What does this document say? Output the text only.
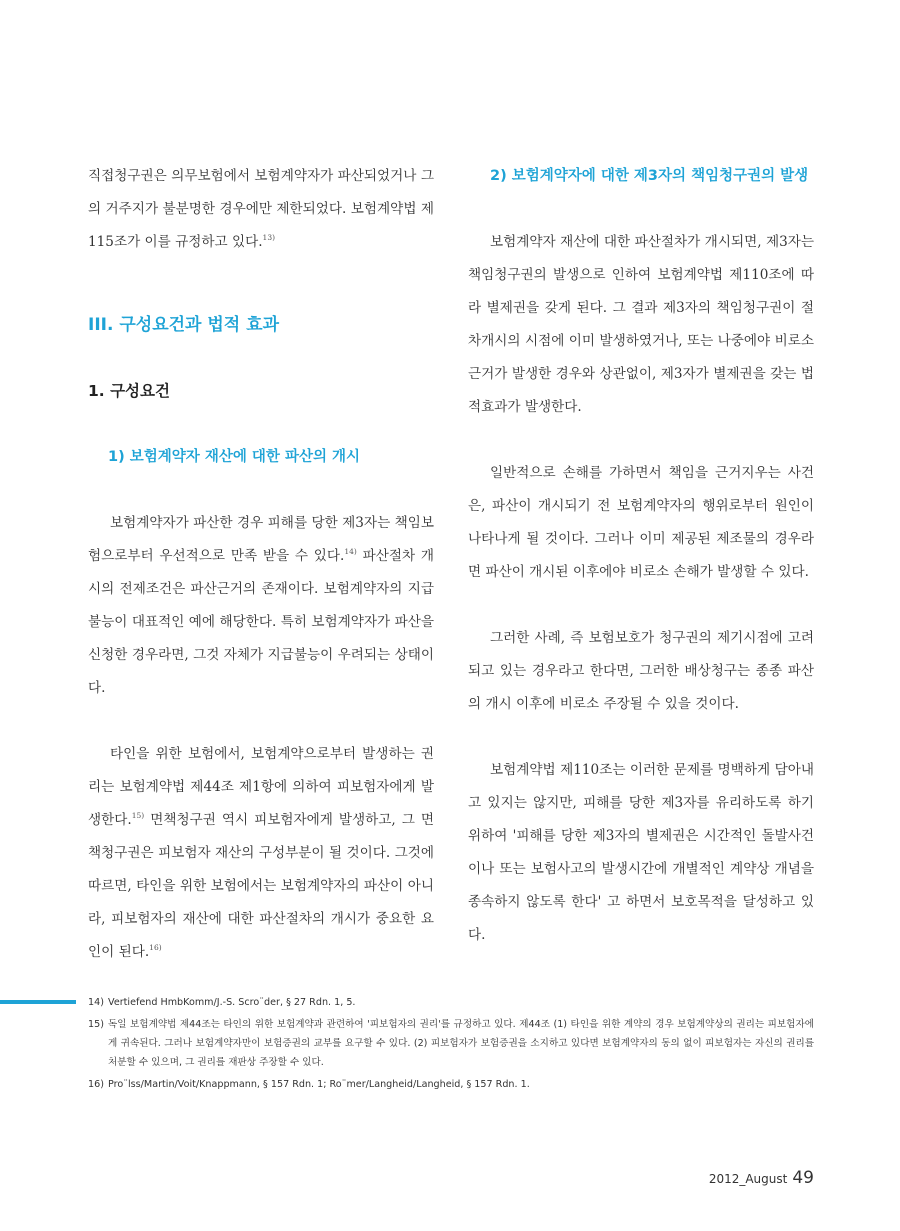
직접청구권은 의무보험에서 보험계약자가 파산되었거나 그의 거주지가 불분명한 경우에만 제한되었다. 보험계약법 제115조가 이를 규정하고 있다.$^{13)}$

III. 구성요건과 법적 효과
1. 구성요건
1) 보험계약자 재산에 대한 파산의 개시

보험계약자가 파산한 경우 피해를 당한 제3자는 책임보험으로부터 우선적으로 만족 받을 수 있다.$^{14)}$ 파산절차 개시의 전제조건은 파산근거의 존재이다. 보험계약자의 지급불능이 대표적인 예에 해당한다. 특히 보험계약자가 파산을 신청한 경우라면, 그것 자체가 지급불능이 우려되는 상태이다.

타인을 위한 보험에서, 보험계약으로부터 발생하는 권리는 보험계약법 제44조 제1항에 의하여 피보험자에게 발생한다.$^{15)}$ 면책청구권 역시 피보험자에게 발생하고, 그 면책청구권은 피보험자 재산의 구성부분이 될 것이다. 그것에 따르면, 타인을 위한 보험에서는 보험계약자의 파산이 아니라, 피보험자의 재산에 대한 파산절차의 개시가 중요한 요인이 된다.$^{16)}$

2) 보험계약자에 대한 제3자의 책임청구권의 발생

보험계약자 재산에 대한 파산절차가 개시되면, 제3자는 책임청구권의 발생으로 인하여 보험계약법 제110조에 따라 별제권을 갖게 된다. 그 결과 제3자의 책임청구권이 절차개시의 시점에 이미 발생하였거나, 또는 나중에야 비로소 근거가 발생한 경우와 상관없이, 제3자가 별제권을 갖는 법적효과가 발생한다.

일반적으로 손해를 가하면서 책임을 근거지우는 사건은, 파산이 개시되기 전 보험계약자의 행위로부터 원인이 나타나게 될 것이다. 그러나 이미 제공된 제조물의 경우라면 파산이 개시된 이후에야 비로소 손해가 발생할 수 있다.

그러한 사례, 즉 보험보호가 청구권의 제기시점에 고려되고 있는 경우라고 한다면, 그러한 배상청구는 종종 파산의 개시 이후에 비로소 주장될 수 있을 것이다.

보험계약법 제110조는 이러한 문제를 명백하게 담아내고 있지는 않지만, 피해를 당한 제3자를 유리하도록 하기 위하여 '피해를 당한 제3자의 별제권은 시간적인 돌발사건이나 또는 보험사고의 발생시간에 개별적인 계약상 개념을 종속하지 않도록 한다' 고 하면서 보호목적을 달성하고 있다.

14) Vertiefend HmbKomm/J.-S. Scro¨der, § 27 Rdn. 1, 5.
15) 독일 보험계약법 제44조는 타인의 위한 보험계약과 관련하여 '피보험자의 권리'를 규정하고 있다. 제44조 (1) 타인을 위한 계약의 경우 보험계약상의 권리는 피보험자에게 귀속된다. 그러나 보험계약자만이 보험증권의 교부를 요구할 수 있다. (2) 피보험자가 보험증권을 소지하고 있다면 보험계약자의 동의 없이 피보험자는 자신의 권리를 처분할 수 있으며, 그 권리를 재판상 주장할 수 있다.
16) Pro¨lss/Martin/Voit/Knappmann, § 157 Rdn. 1; Ro¨mer/Langheid/Langheid, § 157 Rdn. 1.
2012_August 49
